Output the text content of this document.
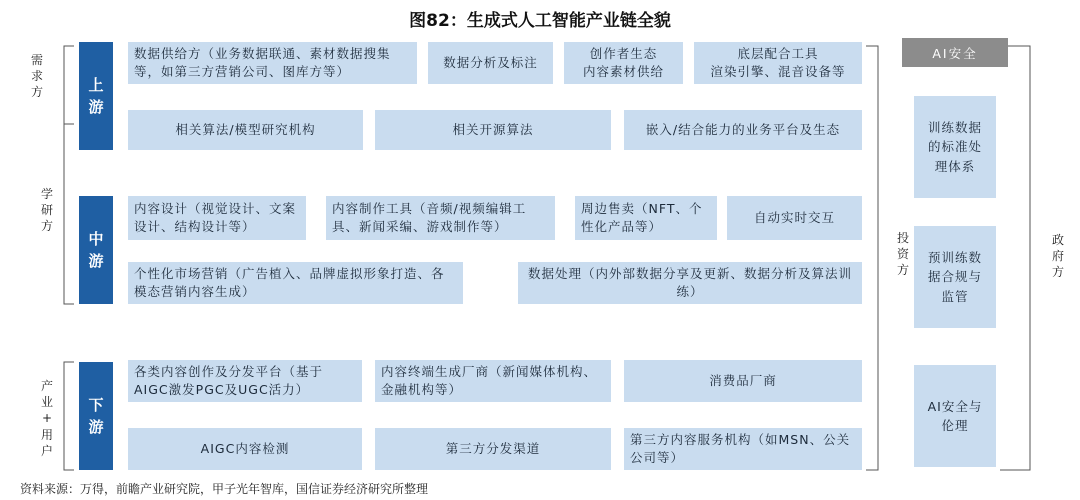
图82：生成式人工智能产业链全貌
需
求
方
学
研
方
产
业
+
用
户
上
游
中
游
下
游
数据供给方（业务数据联通、素材数据搜集等，如第三方营销公司、图库方等）
数据分析及标注
创作者生态
内容素材供给
底层配合工具
渲染引擎、混音设备等
相关算法/模型研究机构	相关开源算法	嵌入/结合能力的业务平台及生态
内容设计（视觉设计、文案设计、结构设计等）
内容制作工具（音频/视频编辑工具、新闻采编、游戏制作等）
周边售卖（NFT、个性化产品等）
自动实时交互
个性化市场营销（广告植入、品牌虚拟形象打造、各模态营销内容生成）
数据处理（内外部数据分享及更新、数据分析及算法训练）
各类内容创作及分发平台（基于AIGC激发PGC及UGC活力）
内容终端生成厂商（新闻媒体机构、金融机构等）
消费品厂商
AIGC内容检测	第三方分发渠道
第三方内容服务机构（如MSN、公关公司等）
投
资
方
AI安全
训练数据的标准处理体系
预训练数据合规与监管
AI安全与伦理
政
府
方
资料来源：万得，前瞻产业研究院，甲子光年智库，国信证券经济研究所整理
